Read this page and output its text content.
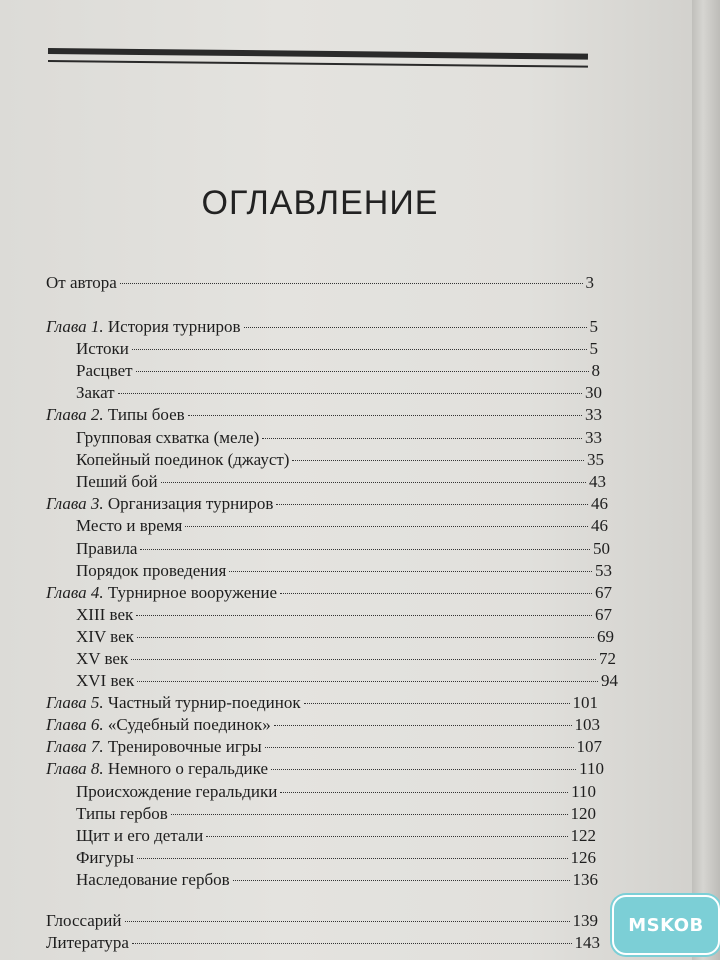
ОГЛАВЛЕНИЕ
От автора	3
Глава 1. История турниров	5
Истоки	5
Расцвет	8
Закат	30
Глава 2. Типы боев	33
Групповая схватка (меле)	33
Копейный поединок (джауст)	35
Пеший бой	43
Глава 3. Организация турниров	46
Место и время	46
Правила	50
Порядок проведения	53
Глава 4. Турнирное вооружение	67
XIII век	67
XIV век	69
XV век	72
XVI век	94
Глава 5. Частный турнир-поединок	101
Глава 6. «Судебный поединок»	103
Глава 7. Тренировочные игры	107
Глава 8. Немного о геральдике	110
Происхождение геральдики	110
Типы гербов	120
Щит и его детали	122
Фигуры	126
Наследование гербов	136
Глоссарий	139
Литература	143
MSKOB
